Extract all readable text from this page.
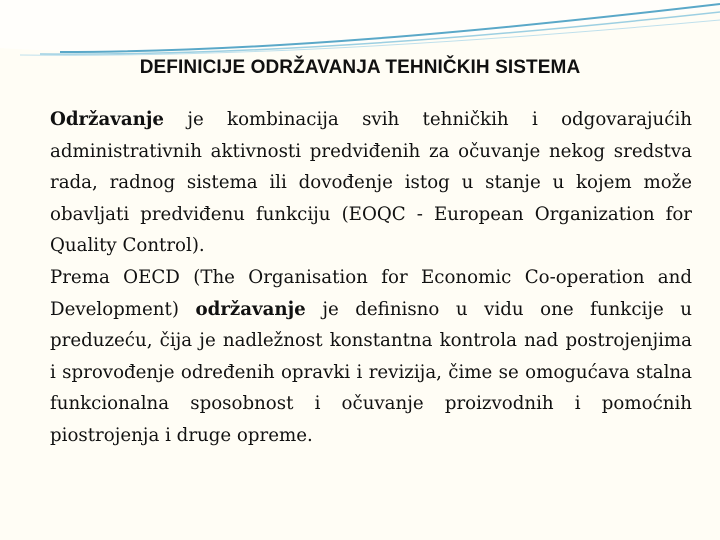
DEFINICIJE ODRŽAVANJA TEHNIČKIH SISTEMA

Održavanje je kombinacija svih tehničkih i odgovarajućih administrativnih aktivnosti predviđenih za očuvanje nekog sredstva rada, radnog sistema ili dovođenje istog u stanje u kojem može obavljati predviđenu funkciju (EOQC - European Organization for Quality Control).

Prema OECD (The Organisation for Economic Co-operation and Development) održavanje je definisno u vidu one funkcije u preduzeću, čija je nadležnost konstantna kontrola nad postrojenjima i sprovođenje određenih opravki i revizija, čime se omogućava stalna funkcionalna sposobnost i očuvanje proizvodnih i pomoćnih piostrojenja i druge opreme.
